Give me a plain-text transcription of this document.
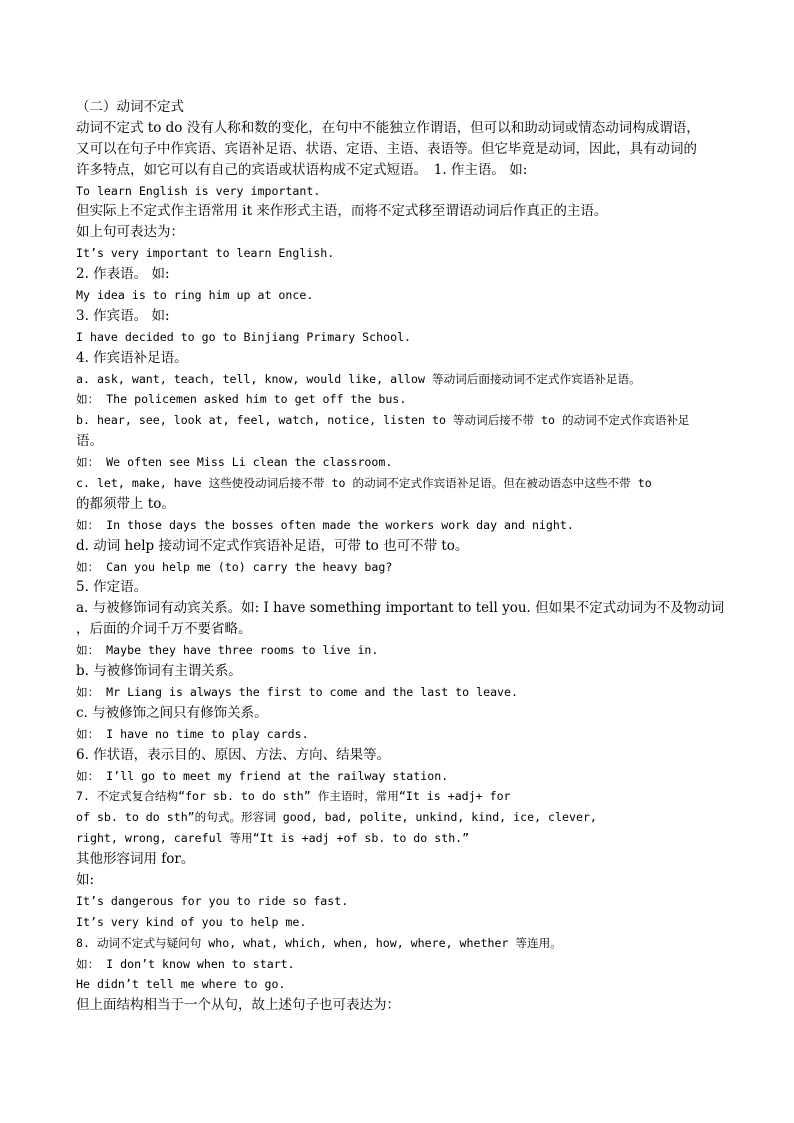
（二）动词不定式
动词不定式 to do 没有人称和数的变化，在句中不能独立作谓语，但可以和助动词或情态动词构成谓语，
又可以在句子中作宾语、宾语补足语、状语、定语、主语、表语等。但它毕竟是动词，因此，具有动词的
许多特点，如它可以有自己的宾语或状语构成不定式短语。　1. 作主语。 如:
To learn English is very important.
但实际上不定式作主语常用 it 来作形式主语，而将不定式移至谓语动词后作真正的主语。
如上句可表达为：
It’s very important to learn English.
2. 作表语。 如:
My idea is to ring him up at once.
3. 作宾语。 如:
I have decided to go to Binjiang Primary School.
4. 作宾语补足语。
a. ask, want, teach, tell, know, would like, allow 等动词后面接动词不定式作宾语补足语。
如： The policemen asked him to get off the bus.
b. hear, see, look at, feel, watch, notice, listen to 等动词后接不带 to 的动词不定式作宾语补足
语。
如： We often see Miss Li clean the classroom.
c. let, make, have 这些使役动词后接不带 to 的动词不定式作宾语补足语。但在被动语态中这些不带 to
的都须带上 to。
如： In those days the bosses often made the workers work day and night.
d. 动词 help 接动词不定式作宾语补足语，可带 to 也可不带 to。
如： Can you help me (to) carry the heavy bag?
5. 作定语。
a. 与被修饰词有动宾关系。如: I have something important to tell you. 但如果不定式动词为不及物动词
，后面的介词千万不要省略。
如： Maybe they have three rooms to live in.
b. 与被修饰词有主谓关系。
如： Mr Liang is always the first to come and the last to leave.
c. 与被修饰之间只有修饰关系。
如： I have no time to play cards.
6. 作状语，表示目的、原因、方法、方向、结果等。
如： I’ll go to meet my friend at the railway station.
7. 不定式复合结构“for sb. to do sth” 作主语时，常用“It is +adj+ for
of sb. to do sth”的句式。形容词 good, bad, polite, unkind, kind, ice, clever,
right, wrong, careful 等用“It is +adj +of sb. to do sth.”
其他形容词用 for。
如:
It’s dangerous for you to ride so fast.
It’s very kind of you to help me.
8. 动词不定式与疑问句 who, what, which, when, how, where, whether 等连用。
如： I don’t know when to start.
He didn’t tell me where to go.
但上面结构相当于一个从句，故上述句子也可表达为：
